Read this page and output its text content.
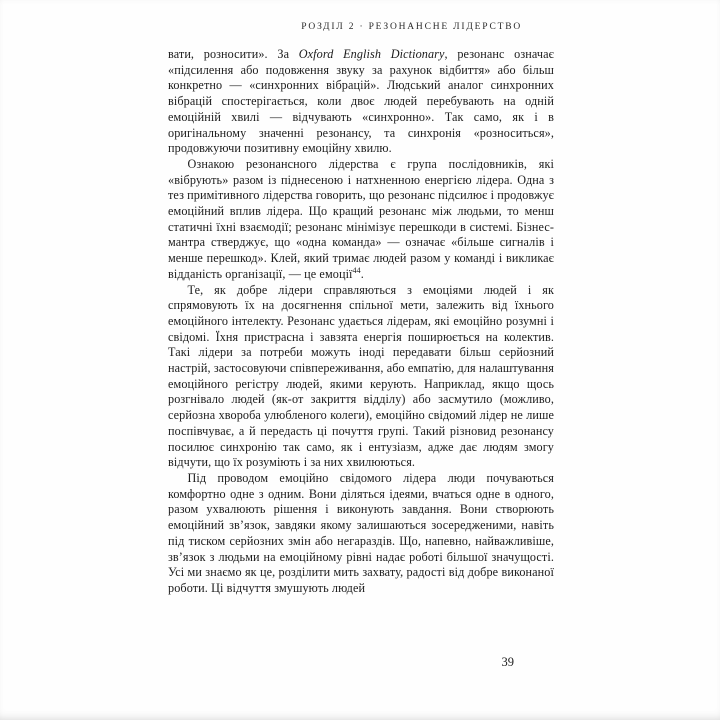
РОЗДІЛ 2 · РЕЗОНАНСНЕ ЛІДЕРСТВО

вати, розносити». За Oxford English Dictionary, резонанс означає «підсилення або подовження звуку за рахунок відбиття» або більш конкретно — «синхронних вібрацій». Людський аналог синхронних вібрацій спостерігається, коли двоє людей перебувають на одній емоційній хвилі — відчувають «синхронно». Так само, як і в оригінальному значенні резонансу, та синхронія «розноситься», продовжуючи позитивну емоційну хвилю.

Ознакою резонансного лідерства є група послідовників, які «вібрують» разом із піднесеною і натхненною енергією лідера. Одна з тез примітивного лідерства говорить, що резонанс підсилює і продовжує емоційний вплив лідера. Що кращий резонанс між людьми, то менш статичні їхні взаємодії; резонанс мінімізує перешкоди в системі. Бізнес-мантра стверджує, що «одна команда» — означає «більше сигналів і менше перешкод». Клей, який тримає людей разом у команді і викликає відданість організації, — це емоції$^{44}$.

Те, як добре лідери справляються з емоціями людей і як спрямовують їх на досягнення спільної мети, залежить від їхнього емоційного інтелекту. Резонанс удається лідерам, які емоційно розумні і свідомі. Їхня пристрасна і завзята енергія поширюється на колектив. Такі лідери за потреби можуть іноді передавати більш серйозний настрій, застосовуючи співпереживання, або емпатію, для налаштування емоційного регістру людей, якими керують. Наприклад, якщо щось розгнівало людей (як-от закриття відділу) або засмутило (можливо, серйозна хвороба улюбленого колеги), емоційно свідомий лідер не лише поспівчуває, а й передасть ці почуття групі. Такий різновид резонансу посилює синхронію так само, як і ентузіазм, адже дає людям змогу відчути, що їх розуміють і за них хвилюються.

Під проводом емоційно свідомого лідера люди почуваються комфортно одне з одним. Вони діляться ідеями, вчаться одне в одного, разом ухвалюють рішення і виконують завдання. Вони створюють емоційний зв’язок, завдяки якому залишаються зосередженими, навіть під тиском серйозних змін або негараздів. Що, напевно, найважливіше, зв’язок з людьми на емоційному рівні надає роботі більшої значущості. Усі ми знаємо як це, розділити мить захвату, радості від добре виконаної роботи. Ці відчуття змушують людей

39
